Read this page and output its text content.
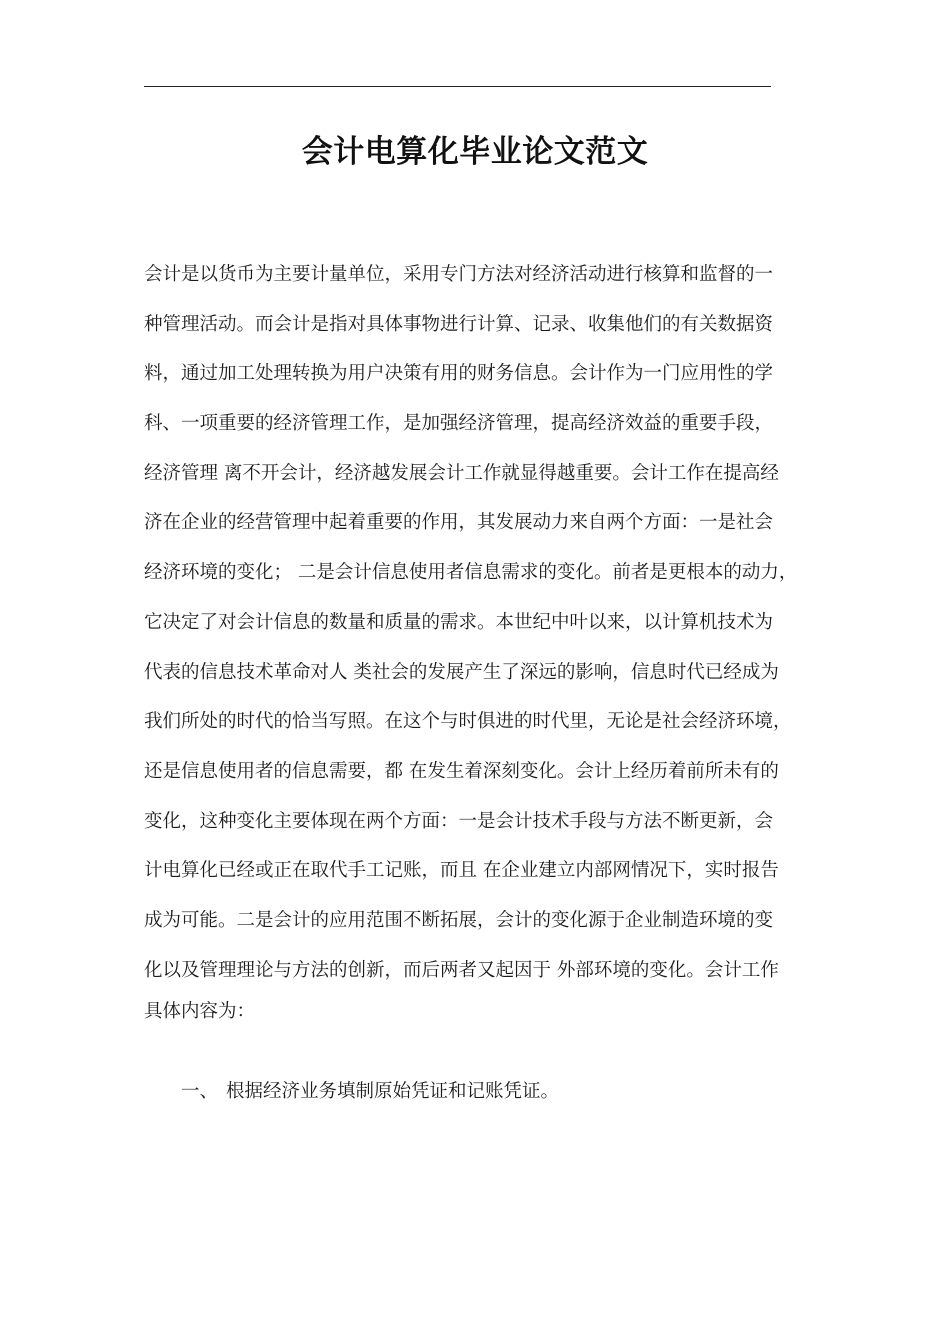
会计电算化毕业论文范文
会计是以货币为主要计量单位，采用专门方法对经济活动进行核算和监督的一
种管理活动。而会计是指对具体事物进行计算、记录、收集他们的有关数据资
料，通过加工处理转换为用户决策有用的财务信息。会计作为一门应用性的学
科、一项重要的经济管理工作，是加强经济管理，提高经济效益的重要手段，
经济管理 离不开会计，经济越发展会计工作就显得越重要。会计工作在提高经
济在企业的经营管理中起着重要的作用，其发展动力来自两个方面：一是社会
经济环境的变化； 二是会计信息使用者信息需求的变化。前者是更根本的动力，
它决定了对会计信息的数量和质量的需求。本世纪中叶以来，以计算机技术为
代表的信息技术革命对人 类社会的发展产生了深远的影响，信息时代已经成为
我们所处的时代的恰当写照。在这个与时俱进的时代里，无论是社会经济环境，
还是信息使用者的信息需要，都 在发生着深刻变化。会计上经历着前所未有的
变化，这种变化主要体现在两个方面：一是会计技术手段与方法不断更新，会
计电算化已经或正在取代手工记账，而且 在企业建立内部网情况下，实时报告
成为可能。二是会计的应用范围不断拓展，会计的变化源于企业制造环境的变
化以及管理理论与方法的创新，而后两者又起因于 外部环境的变化。会计工作
具体内容为：
一、 根据经济业务填制原始凭证和记账凭证。
